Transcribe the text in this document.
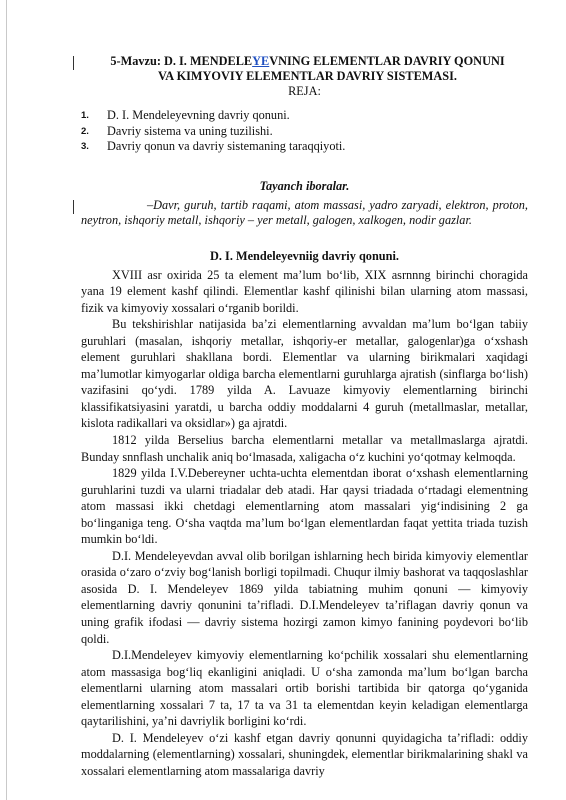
5-Mavzu: D. I. MENDELEYEVNING ELEMENTLAR DAVRIY QONUNI
VA KIMYOVIY ELEMENTLAR DAVRIY SISTEMASI.
REJA:
1. D. I. Mendeleyevning davriy qonuni.
2. Davriy sistema va uning tuzilishi.
3. Davriy qonun va davriy sistemaning taraqqiyoti.
Tayanch iboralar.

–Davr, guruh, tartib raqami, atom massasi, yadro zaryadi, elektron, proton, neytron, ishqoriy metall, ishqoriy – yer metall, galogen, xalkogen, nodir gazlar.

D. I. Mendeleyevniig davriy qonuni.

XVIII asr oxirida 25 ta element ma’lum bo‘lib, XIX asrnnng birinchi choragida yana 19 element kashf qilindi. Elementlar kashf qilinishi bilan ularning atom massasi, fizik va kimyoviy xossalari o‘rganib borildi.

Bu tekshirishlar natijasida ba’zi elementlarning avvaldan ma’lum bo‘lgan tabiiy guruhlari (masalan, ishqoriy metallar, ishqoriy-er metallar, galogenlar)ga o‘xshash element guruhlari shakllana bordi. Elementlar va ularning birikmalari xaqidagi ma’lumotlar kimyogarlar oldiga barcha elementlarni guruhlarga ajratish (sinflarga bo‘lish) vazifasini qo‘ydi. 1789 yilda A. Lavuaze kimyoviy elementlarning birinchi klassifikatsiyasini yaratdi, u barcha oddiy moddalarni 4 guruh (metallmaslar, metallar, kislota radikallari va oksidlar») ga ajratdi.

1812 yilda Berselius barcha elementlarni metallar va metallmaslarga ajratdi. Bunday snnflash unchalik aniq bo‘lmasada, xaligacha o‘z kuchini yo‘qotmay kelmoqda.

1829 yilda I.V.Debereyner uchta-uchta elementdan iborat o‘xshash elementlarning guruhlarini tuzdi va ularni triadalar deb atadi. Har qaysi triadada o‘rtadagi elementning atom massasi ikki chetdagi elementlarning atom massalari yig‘indisining 2 ga bo‘linganiga teng. O‘sha vaqtda ma’lum bo‘lgan elementlardan faqat yettita triada tuzish mumkin bo‘ldi.

D.I. Mendeleyevdan avval olib borilgan ishlarning hech birida kimyoviy elementlar orasida o‘zaro o‘zviy bog‘lanish borligi topilmadi. Chuqur ilmiy bashorat va taqqoslashlar asosida D. I. Mendeleyev 1869 yilda tabiatning muhim qonuni — kimyoviy elementlarning davriy qonunini ta’rifladi. D.I.Mendeleyev ta’riflagan davriy qonun va uning grafik ifodasi — davriy sistema hozirgi zamon kimyo fanining poydevori bo‘lib qoldi.

D.I.Mendeleyev kimyoviy elementlarning ko‘pchilik xossalari shu elementlarning atom massasiga bog‘liq ekanligini aniqladi. U o‘sha zamonda ma’lum bo‘lgan barcha elementlarni ularning atom massalari ortib borishi tartibida bir qatorga qo‘yganida elementlarning xossalari 7 ta, 17 ta va 31 ta elementdan keyin keladigan elementlarga qaytarilishini, ya’ni davriylik borligini ko‘rdi.

D. I. Mendeleyev o‘zi kashf etgan davriy qonunni quyidagicha ta’rifladi: oddiy moddalarning (elementlarning) xossalari, shuningdek, elementlar birikmalarining shakl va xossalari elementlarning atom massalariga davriy
